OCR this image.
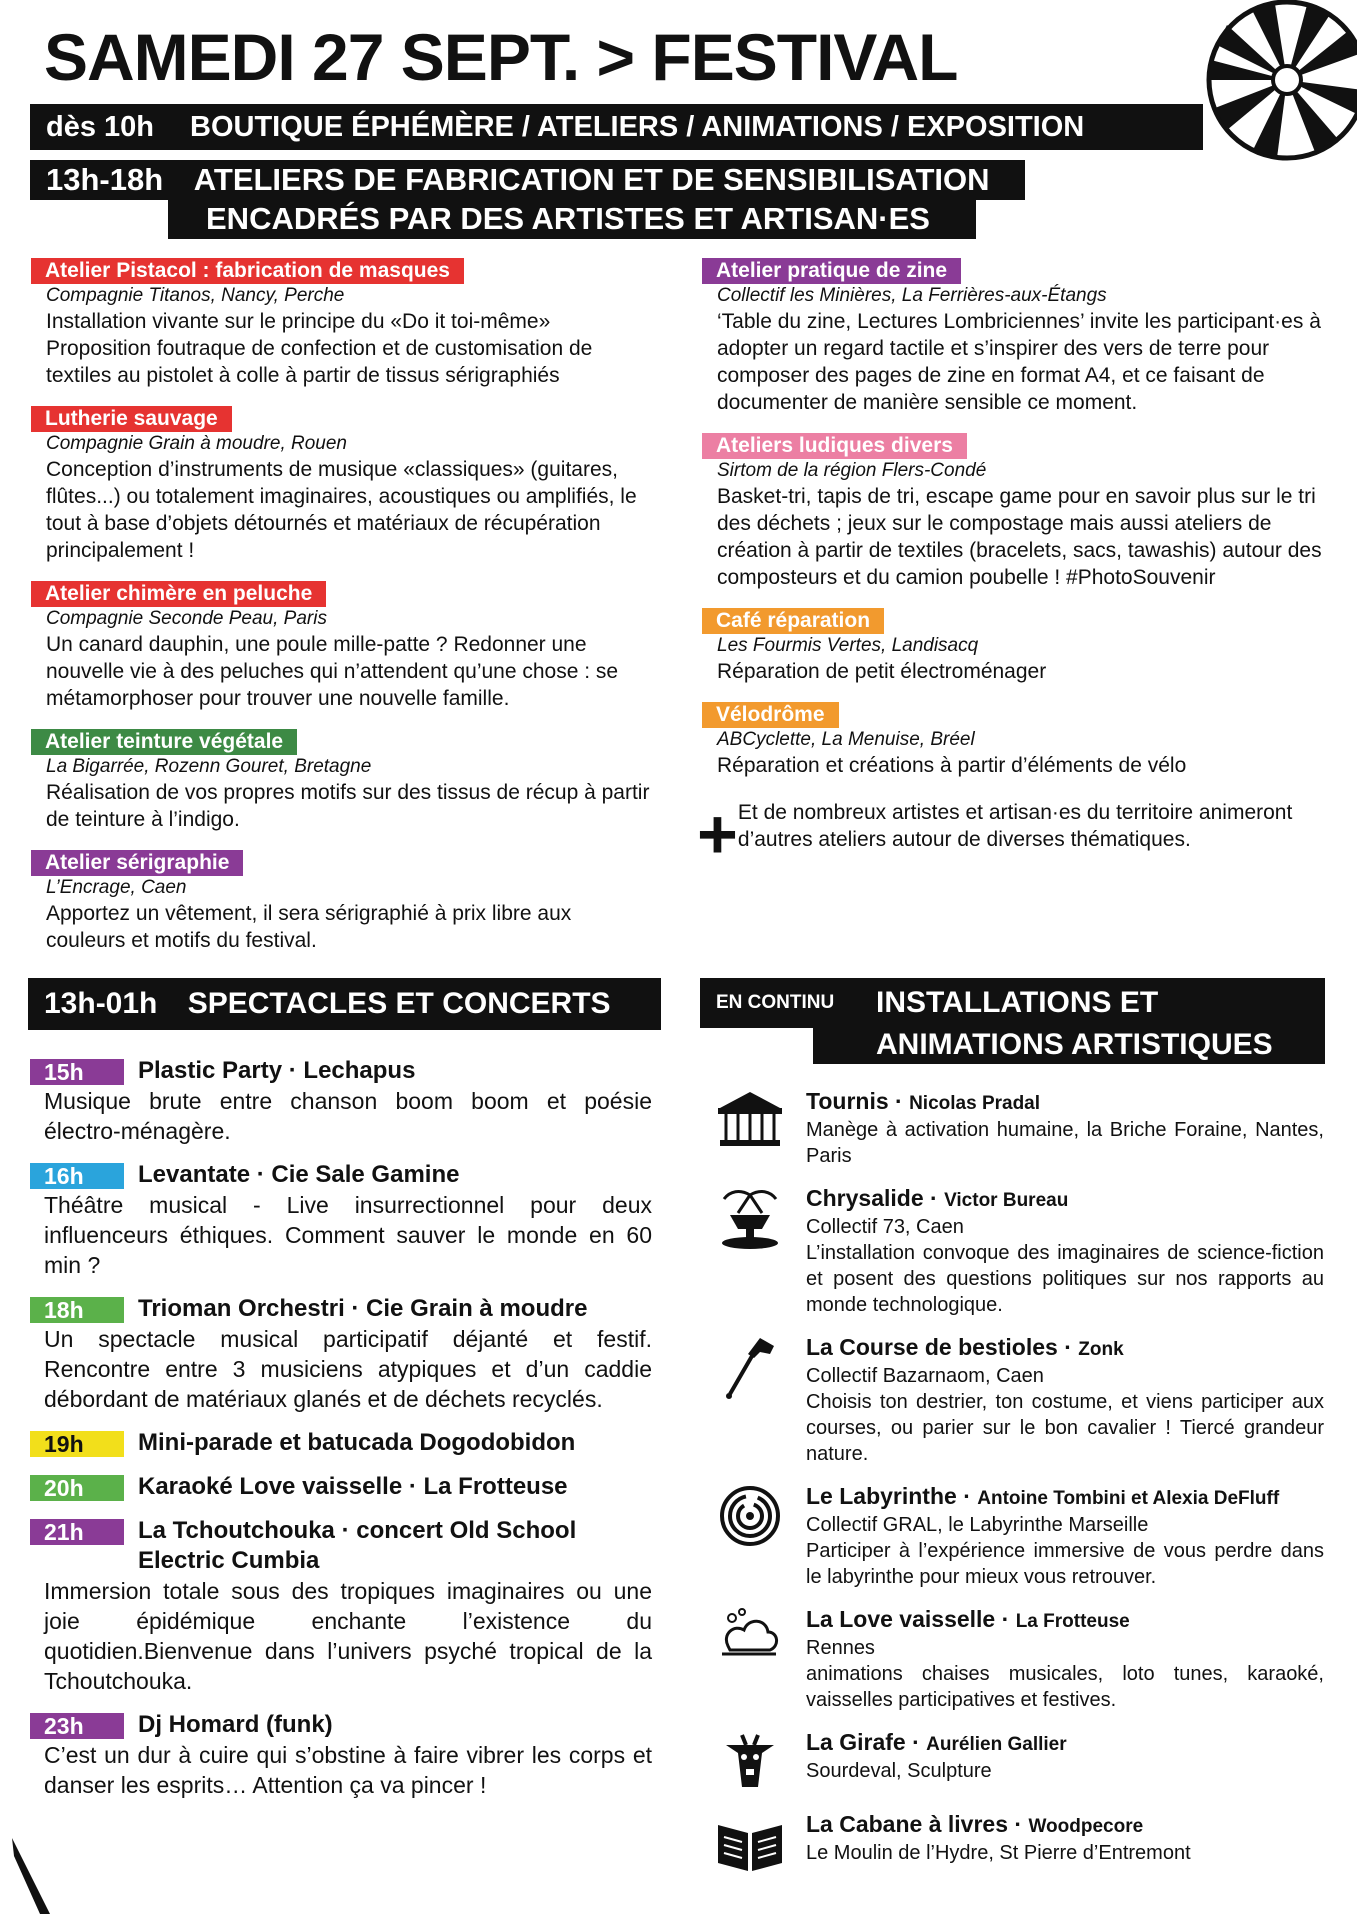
SAMEDI 27 SEPT. > FESTIVAL
dès 10h BOUTIQUE ÉPHÉMÈRE / ATELIERS / ANIMATIONS / EXPOSITION
13h-18h ATELIERS DE FABRICATION ET DE SENSIBILISATION
ENCADRÉS PAR DES ARTISTES ET ARTISAN·ES
Atelier Pistacol : fabrication de masques
Compagnie Titanos, Nancy, Perche
Installation vivante sur le principe du «Do it toi-même» Proposition foutraque de confection et de customisation de textiles au pistolet à colle à partir de tissus sérigraphiés
Lutherie sauvage
Compagnie Grain à moudre, Rouen
Conception d’instruments de musique «classiques» (guitares, flûtes...) ou totalement imaginaires, acoustiques ou amplifiés, le tout à base d’objets détournés et matériaux de récupération principalement !
Atelier chimère en peluche
Compagnie Seconde Peau, Paris
Un canard dauphin, une poule mille-patte ? Redonner une nouvelle vie à des peluches qui n’attendent qu’une chose : se métamorphoser pour trouver une nouvelle famille.
Atelier teinture végétale
La Bigarrée, Rozenn Gouret, Bretagne
Réalisation de vos propres motifs sur des tissus de récup à partir de teinture à l’indigo.
Atelier sérigraphie
L’Encrage, Caen
Apportez un vêtement, il sera sérigraphié à prix libre aux couleurs et motifs du festival.
Atelier pratique de zine
Collectif les Minières, La Ferrières-aux-Étangs
‘Table du zine, Lectures Lombriciennes’ invite les participant·es à adopter un regard tactile et s’inspirer des vers de terre pour composer des pages de zine en format A4, et ce faisant de documenter de manière sensible ce moment.
Ateliers ludiques divers
Sirtom de la région Flers-Condé
Basket-tri, tapis de tri, escape game pour en savoir plus sur le tri des déchets ; jeux sur le compostage mais aussi ateliers de création à partir de textiles (bracelets, sacs, tawashis) autour des composteurs et du camion poubelle ! #PhotoSouvenir
Café réparation
Les Fourmis Vertes, Landisacq
Réparation de petit électroménager
Vélodrôme
ABCyclette, La Menuise, Bréel
Réparation et créations à partir d’éléments de vélo
+ Et de nombreux artistes et artisan·es du territoire animeront d’autres ateliers autour de diverses thématiques.
13h-01h SPECTACLES ET CONCERTS
15h	Plastic Party · Lechapus
Musique brute entre chanson boom boom et poésie électro-ménagère.
16h	Levantate · Cie Sale Gamine
Théâtre musical - Live insurrectionnel pour deux influenceurs éthiques. Comment sauver le monde en 60 min ?
18h	Trioman Orchestri · Cie Grain à moudre
Un spectacle musical participatif déjanté et festif. Rencontre entre 3 musiciens atypiques et d’un caddie débordant de matériaux glanés et de déchets recyclés.
19h	Mini-parade et batucada Dogodobidon
20h	Karaoké Love vaisselle · La Frotteuse
21h	La Tchoutchouka · concert Old School Electric Cumbia
Immersion totale sous des tropiques imaginaires ou une joie épidémique enchante l’existence du quotidien.Bienvenue dans l’univers psyché tropical de la Tchoutchouka.
23h	Dj Homard (funk)
C’est un dur à cuire qui s’obstine à faire vibrer les corps et danser les esprits… Attention ça va pincer !
EN CONTINU INSTALLATIONS ET
ANIMATIONS ARTISTIQUES
Tournis · Nicolas Pradal
Manège à activation humaine, la Briche Foraine, Nantes, Paris
Chrysalide · Victor Bureau
Collectif 73, Caen
L’installation convoque des imaginaires de science-fiction et posent des questions politiques sur nos rapports au monde technologique.
La Course de bestioles · Zonk
Collectif Bazarnaom, Caen
Choisis ton destrier, ton costume, et viens participer aux courses, ou parier sur le bon cavalier ! Tiercé grandeur nature.
Le Labyrinthe · Antoine Tombini et Alexia DeFluff
Collectif GRAL, le Labyrinthe Marseille
Participer à l’expérience immersive de vous perdre dans le labyrinthe pour mieux vous retrouver.
La Love vaisselle · La Frotteuse
Rennes
animations chaises musicales, loto tunes, karaoké, vaisselles participatives et festives.
La Girafe · Aurélien Gallier
Sourdeval, Sculpture
La Cabane à livres · Woodpecore
Le Moulin de l’Hydre, St Pierre d’Entremont
